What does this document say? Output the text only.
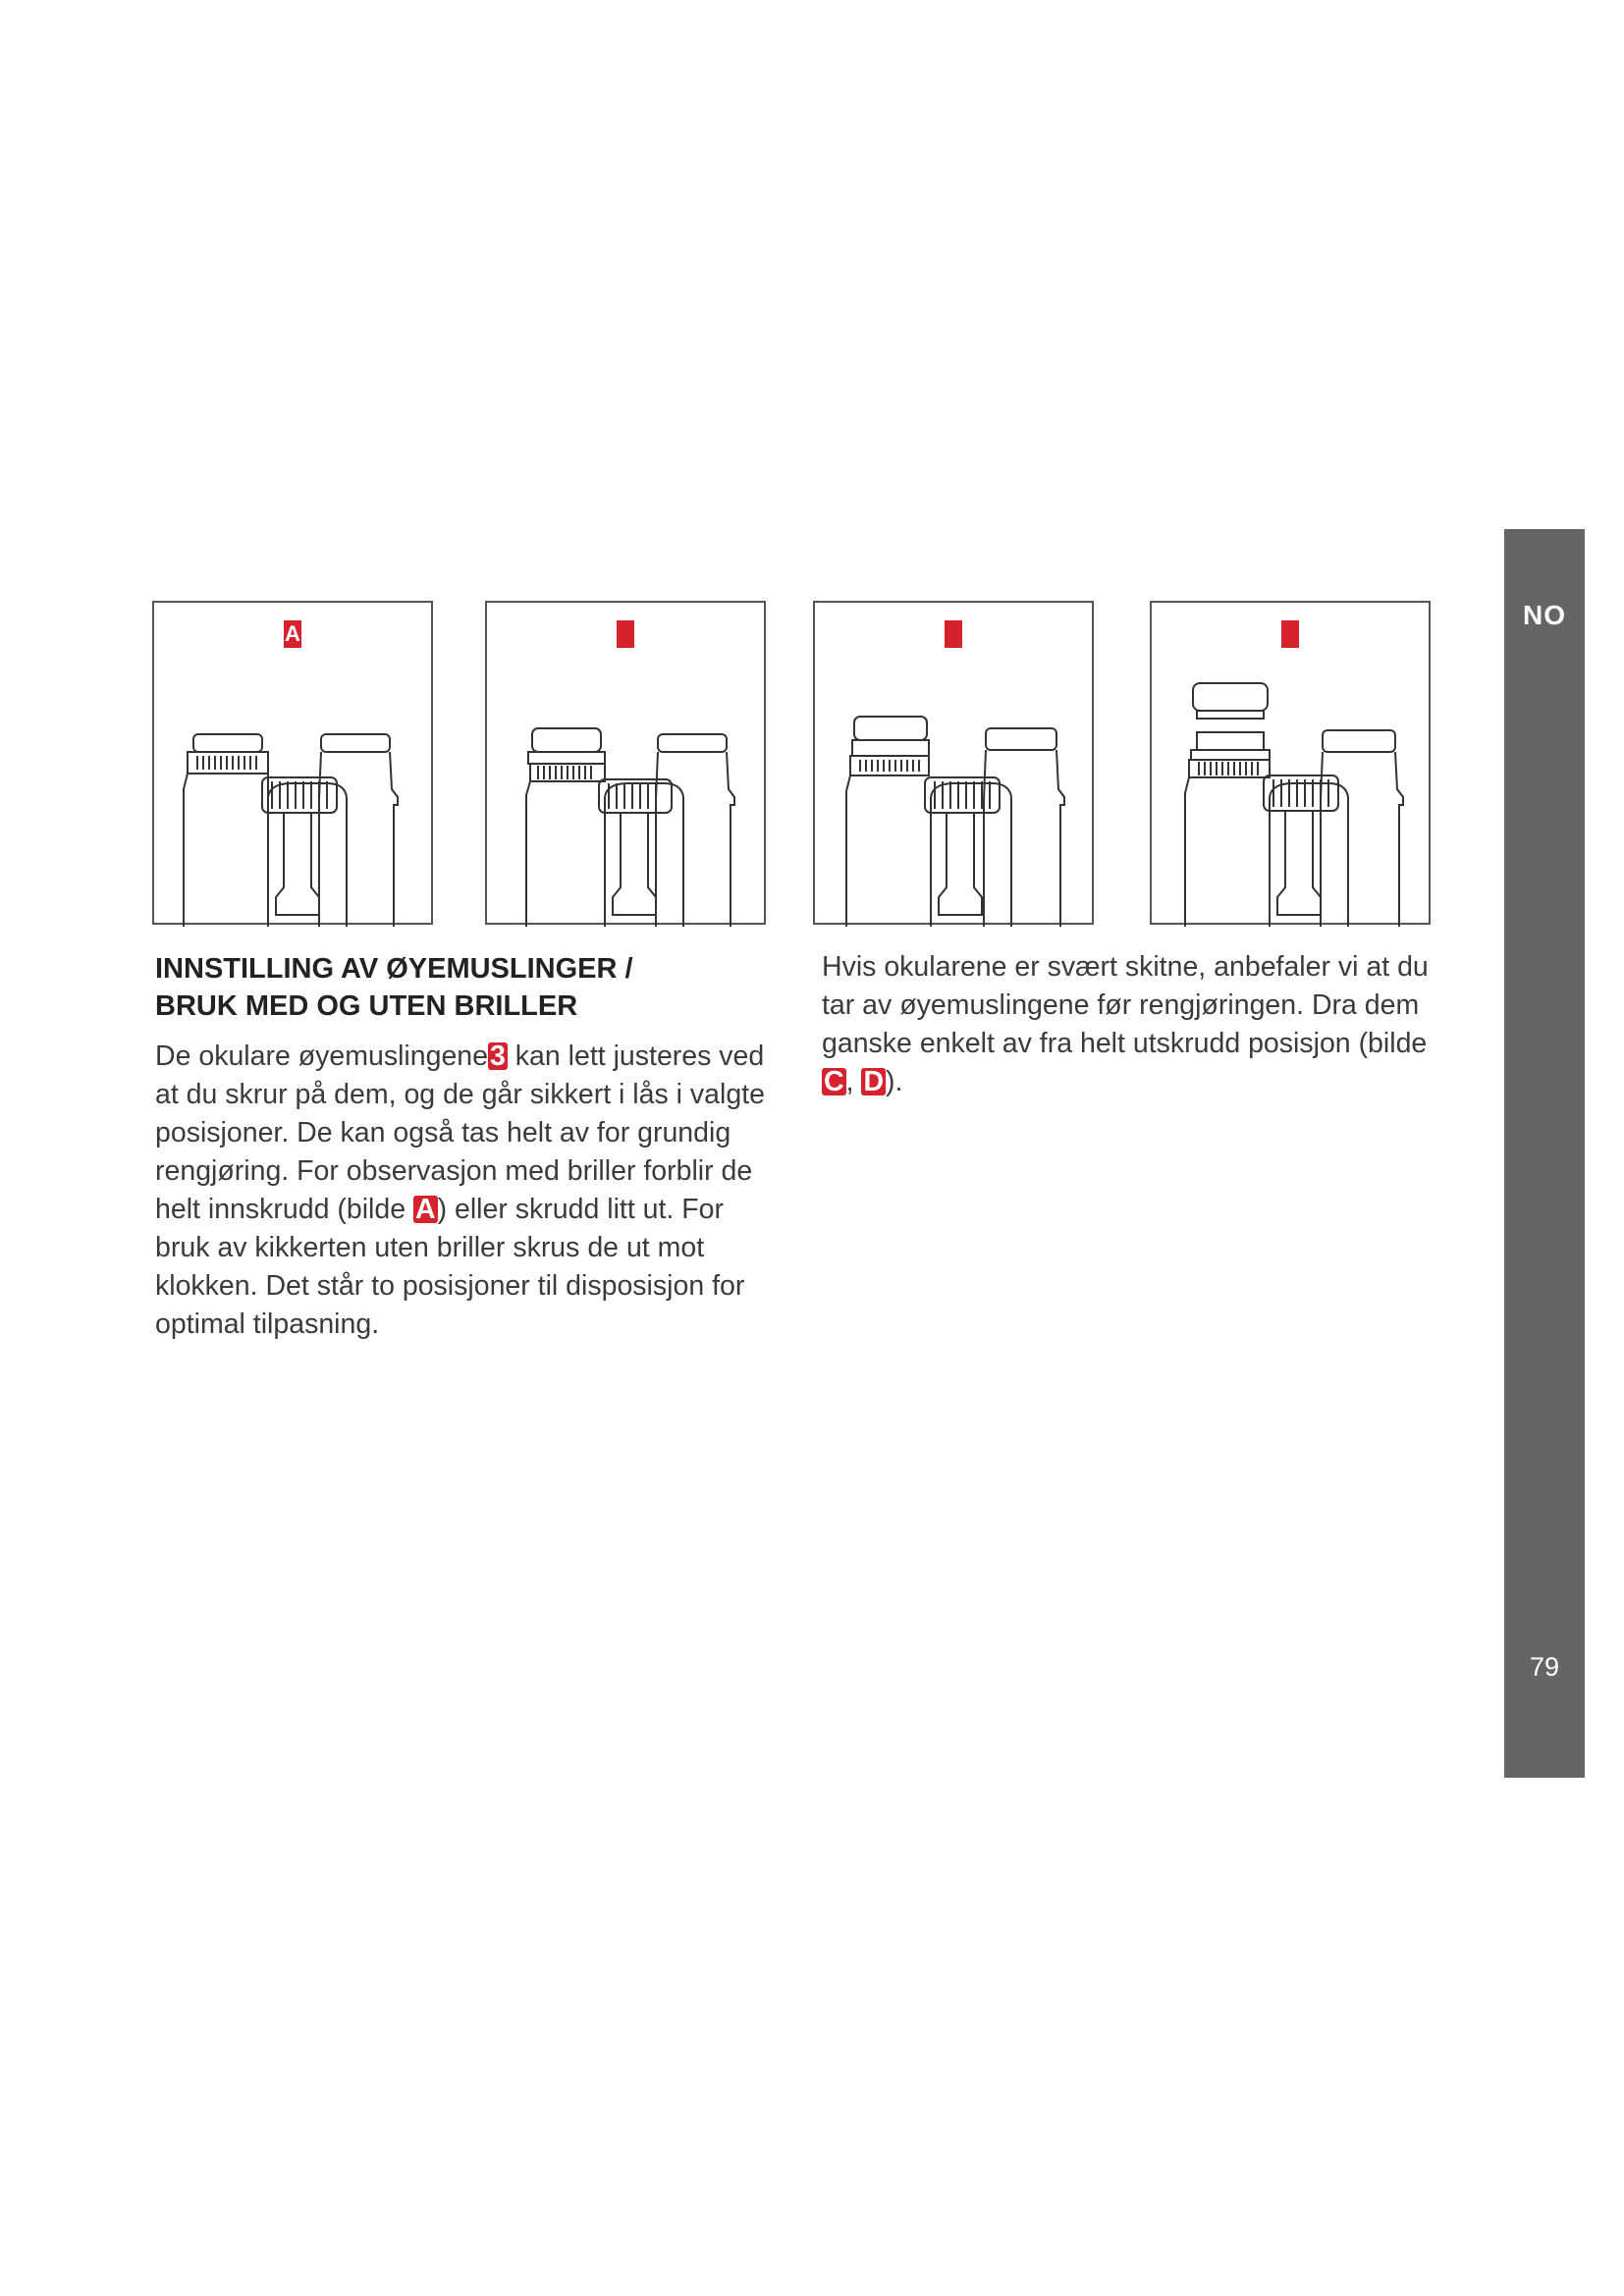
NO
79
A
INNSTILLING AV ØYEMUSLINGER /
BRUK MED OG UTEN BRILLER

De okulare øyemuslingene3 kan lett justeres ved at du skrur på dem, og de går sikkert i lås i valgte posisjoner. De kan også tas helt av for grundig rengjøring. For observasjon med briller forblir de helt innskrudd (bilde A) eller skrudd litt ut. For bruk av kikkerten uten briller skrus de ut mot klokken. Det står to posisjoner til disposisjon for optimal tilpasning.

Hvis okularene er svært skitne, anbefaler vi at du tar av øyemuslingene før rengjøringen. Dra dem ganske enkelt av fra helt utskrudd posisjon (bilde C, D).
